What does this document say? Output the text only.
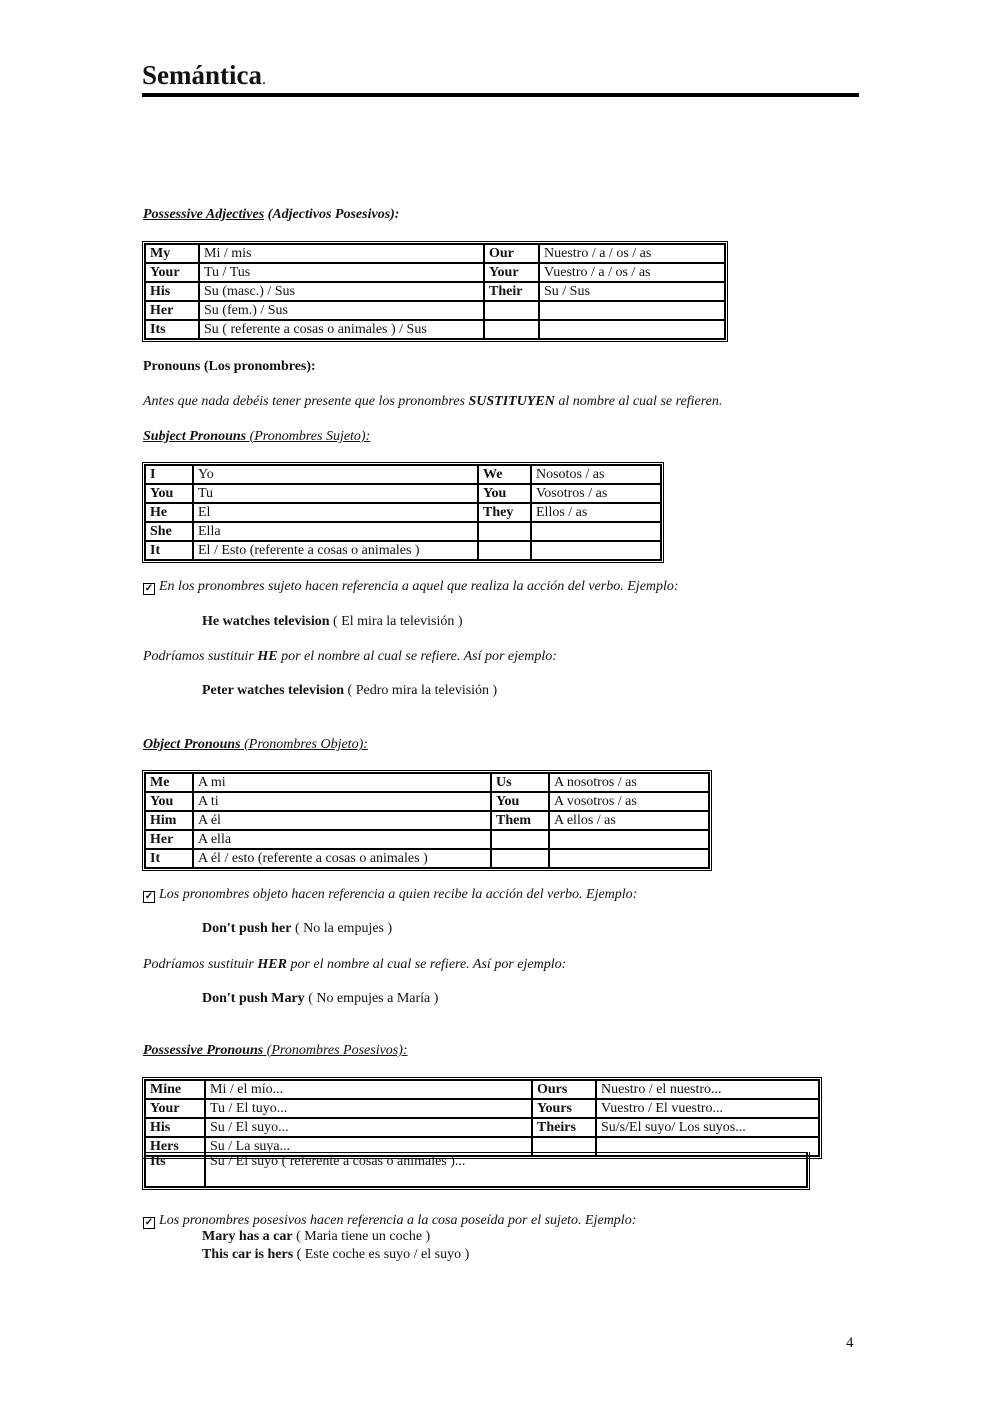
Semántica.
Possessive Adjectives (Adjectivos Posesivos):
My	Mi / mis	Our	Nuestro / a / os / as
Your	Tu / Tus	Your	Vuestro / a / os / as
His	Su (masc.) / Sus	Their	Su / Sus
Her	Su (fem.) / Sus		
Its	Su ( referente a cosas o animales ) / Sus		
Pronouns (Los pronombres):
Antes que nada debéis tener presente que los pronombres SUSTITUYEN al nombre al cual se refieren.
Subject Pronouns (Pronombres Sujeto):
I	Yo	We	Nosotos / as
You	Tu	You	Vosotros / as
He	El	They	Ellos / as
She	Ella		
It	El / Esto (referente a cosas o animales )		
✓ En los pronombres sujeto hacen referencia a aquel que realiza la acción del verbo. Ejemplo:
He watches television ( El mira la televisión )
Podríamos sustituir HE por el nombre al cual se refiere. Así por ejemplo:
Peter watches television ( Pedro mira la televisión )
Object Pronouns (Pronombres Objeto):
Me	A mi	Us	A nosotros / as
You	A ti	You	A vosotros / as
Him	A él	Them	A ellos / as
Her	A ella		
It	A él / esto (referente a cosas o animales )		
✓ Los pronombres objeto hacen referencia a quien recibe la acción del verbo. Ejemplo:
Don't push her ( No la empujes )
Podríamos sustituir HER por el nombre al cual se refiere. Así por ejemplo:
Don't push Mary ( No empujes a María )
Possessive Pronouns (Pronombres Posesivos):
Mine	Mi / el mío...	Ours	Nuestro / el nuestro...
Your	Tu / El tuyo...	Yours	Vuestro / El vuestro...
His	Su / El suyo...	Theirs	Su/s/El suyo/ Los suyos...
Hers	Su / La suya...		
Its	Su / El suyo ( referente a cosas o animales )...
✓ Los pronombres posesivos hacen referencia a la cosa poseída por el sujeto. Ejemplo:
Mary has a car ( Maria tiene un coche )
This car is hers ( Este coche es suyo / el suyo )
4
